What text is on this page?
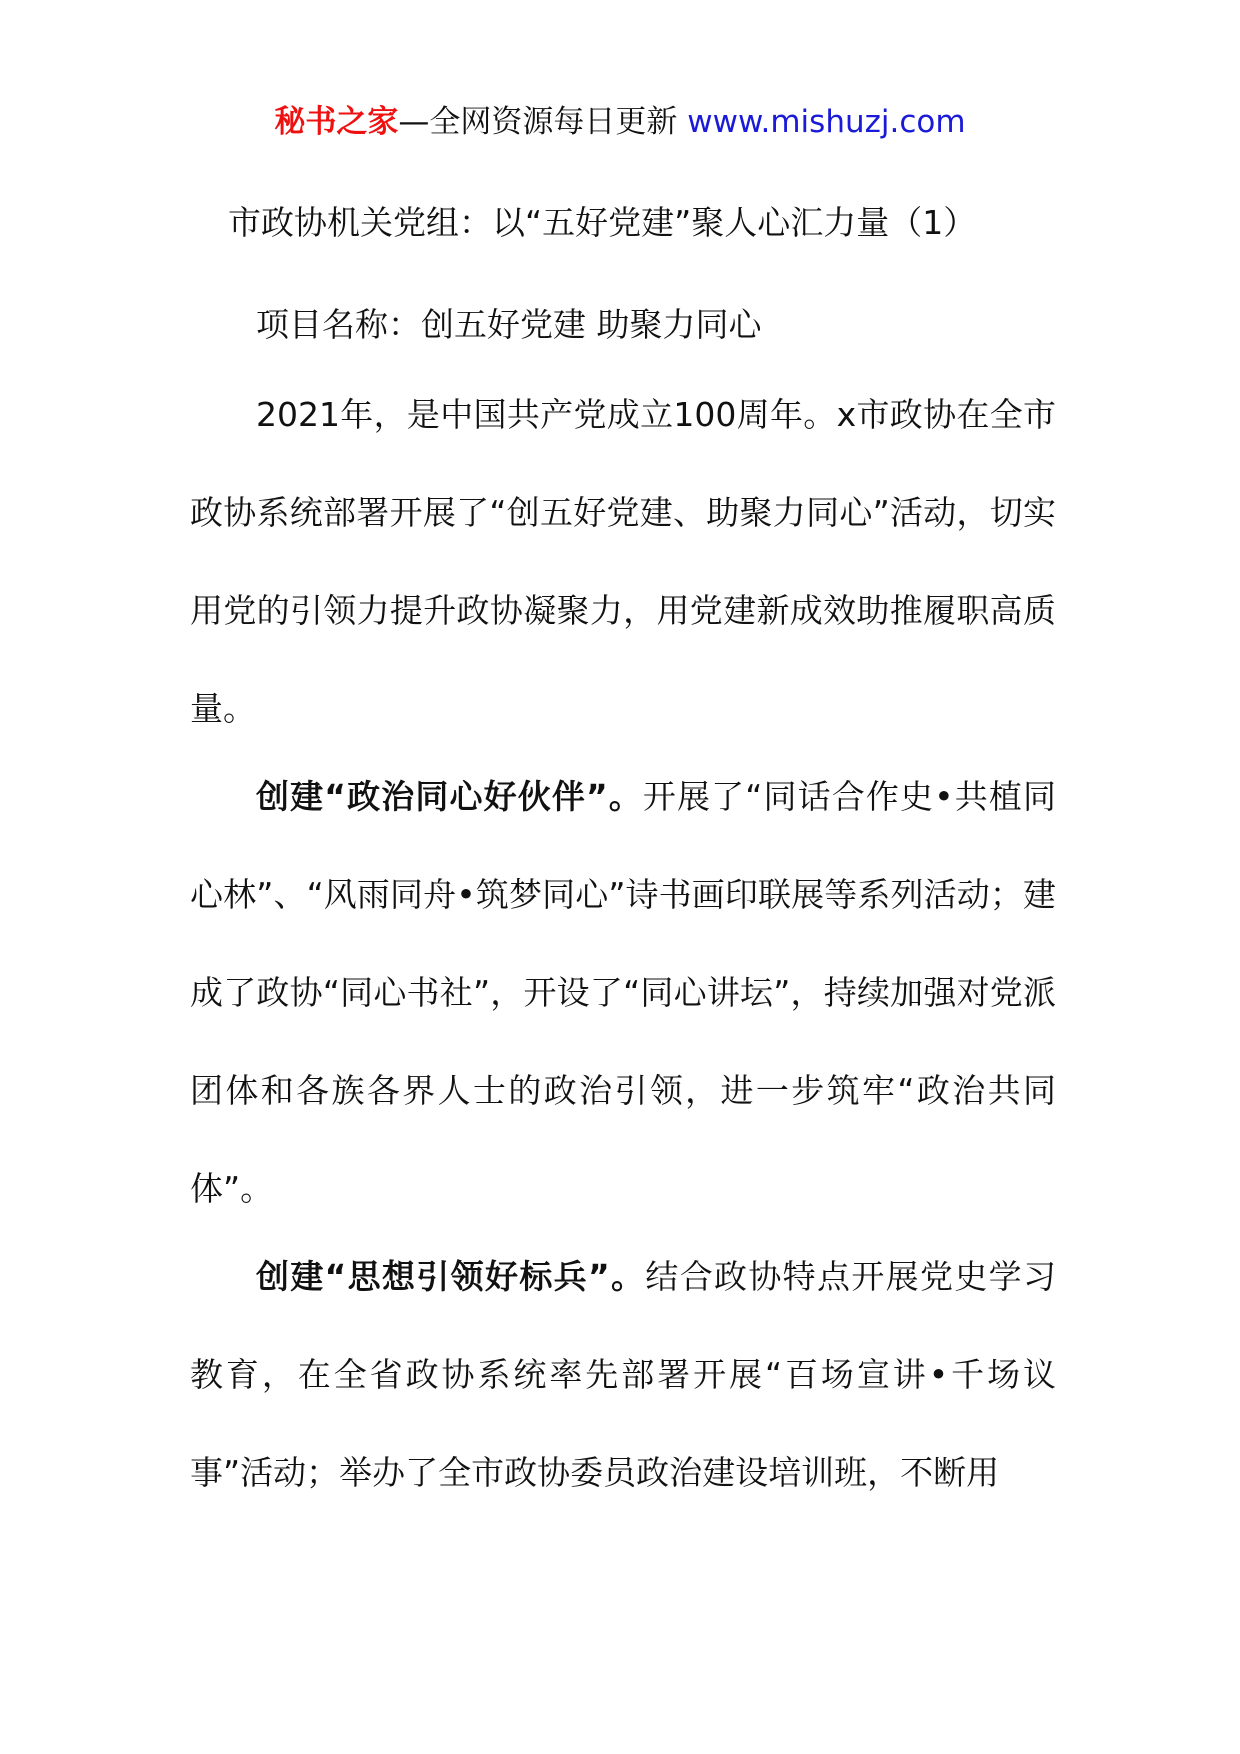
秘书之家—全网资源每日更新 www.mishuzj.com
市政协机关党组：以“五好党建”聚人心汇力量（1）
项目名称：创五好党建 助聚力同心

2021年，是中国共产党成立100周年。x市政协在全市政协系统部署开展了“创五好党建、助聚力同心”活动，切实用党的引领力提升政协凝聚力，用党建新成效助推履职高质量。

创建“政治同心好伙伴”。开展了“同话合作史•共植同心林”、“风雨同舟•筑梦同心”诗书画印联展等系列活动；建成了政协“同心书社”，开设了“同心讲坛”，持续加强对党派团体和各族各界人士的政治引领，进一步筑牢“政治共同体”。

创建“思想引领好标兵”。结合政协特点开展党史学习教育，在全省政协系统率先部署开展“百场宣讲•千场议事”活动；举办了全市政协委员政治建设培训班，不断用
